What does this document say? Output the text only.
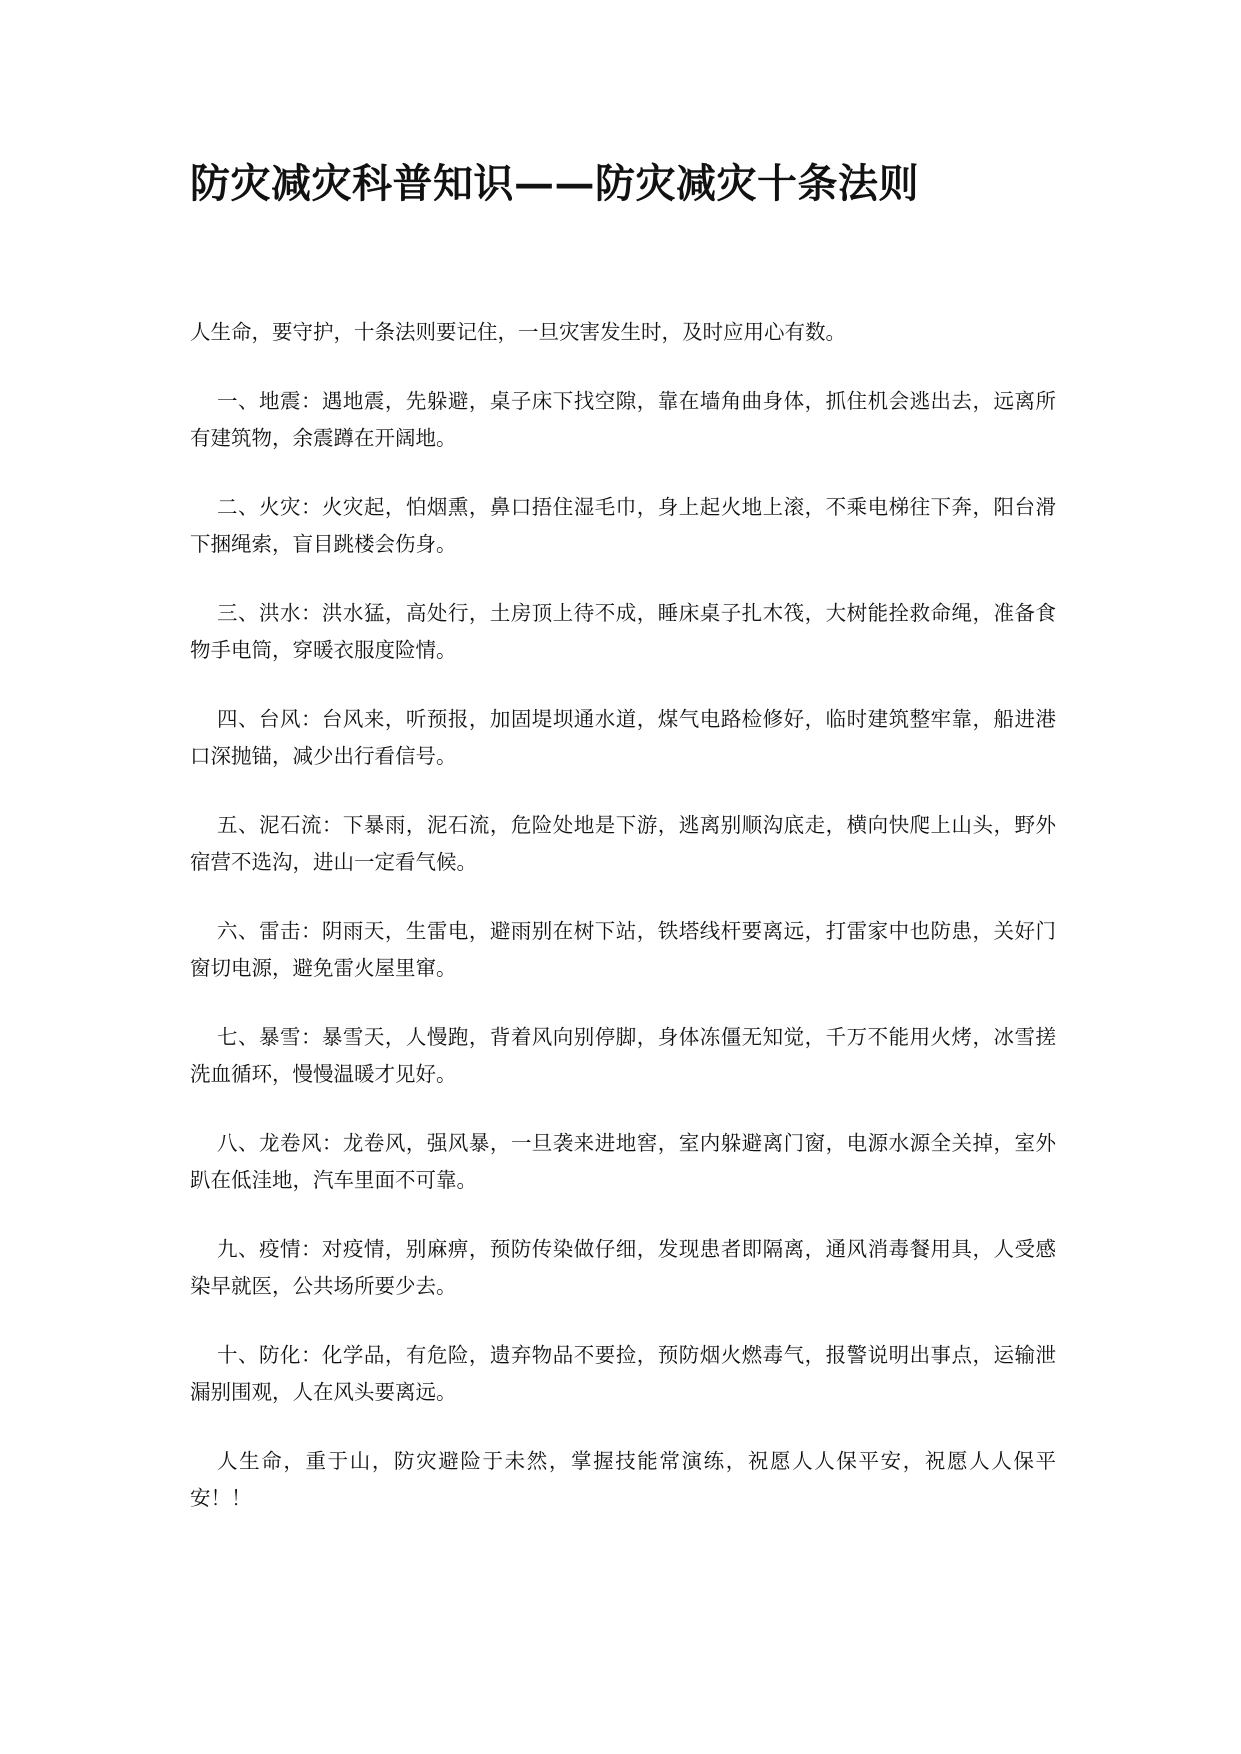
防灾减灾科普知识——防灾减灾十条法则

人生命，要守护，十条法则要记住，一旦灾害发生时，及时应用心有数。

一、地震：遇地震，先躲避，桌子床下找空隙，靠在墙角曲身体，抓住机会逃出去，远离所有建筑物，余震蹲在开阔地。

二、火灾：火灾起，怕烟熏，鼻口捂住湿毛巾，身上起火地上滚，不乘电梯往下奔，阳台滑下捆绳索，盲目跳楼会伤身。

三、洪水：洪水猛，高处行，土房顶上待不成，睡床桌子扎木筏，大树能拴救命绳，准备食物手电筒，穿暖衣服度险情。

四、台风：台风来，听预报，加固堤坝通水道，煤气电路检修好，临时建筑整牢靠，船进港口深抛锚，减少出行看信号。

五、泥石流：下暴雨，泥石流，危险处地是下游，逃离别顺沟底走，横向快爬上山头，野外宿营不选沟，进山一定看气候。

六、雷击：阴雨天，生雷电，避雨别在树下站，铁塔线杆要离远，打雷家中也防患，关好门窗切电源，避免雷火屋里窜。

七、暴雪：暴雪天，人慢跑，背着风向别停脚，身体冻僵无知觉，千万不能用火烤，冰雪搓洗血循环，慢慢温暖才见好。

八、龙卷风：龙卷风，强风暴，一旦袭来进地窖，室内躲避离门窗，电源水源全关掉，室外趴在低洼地，汽车里面不可靠。

九、疫情：对疫情，别麻痹，预防传染做仔细，发现患者即隔离，通风消毒餐用具，人受感染早就医，公共场所要少去。

十、防化：化学品，有危险，遗弃物品不要捡，预防烟火燃毒气，报警说明出事点，运输泄漏别围观，人在风头要离远。

人生命，重于山，防灾避险于未然，掌握技能常演练，祝愿人人保平安，祝愿人人保平安！！
